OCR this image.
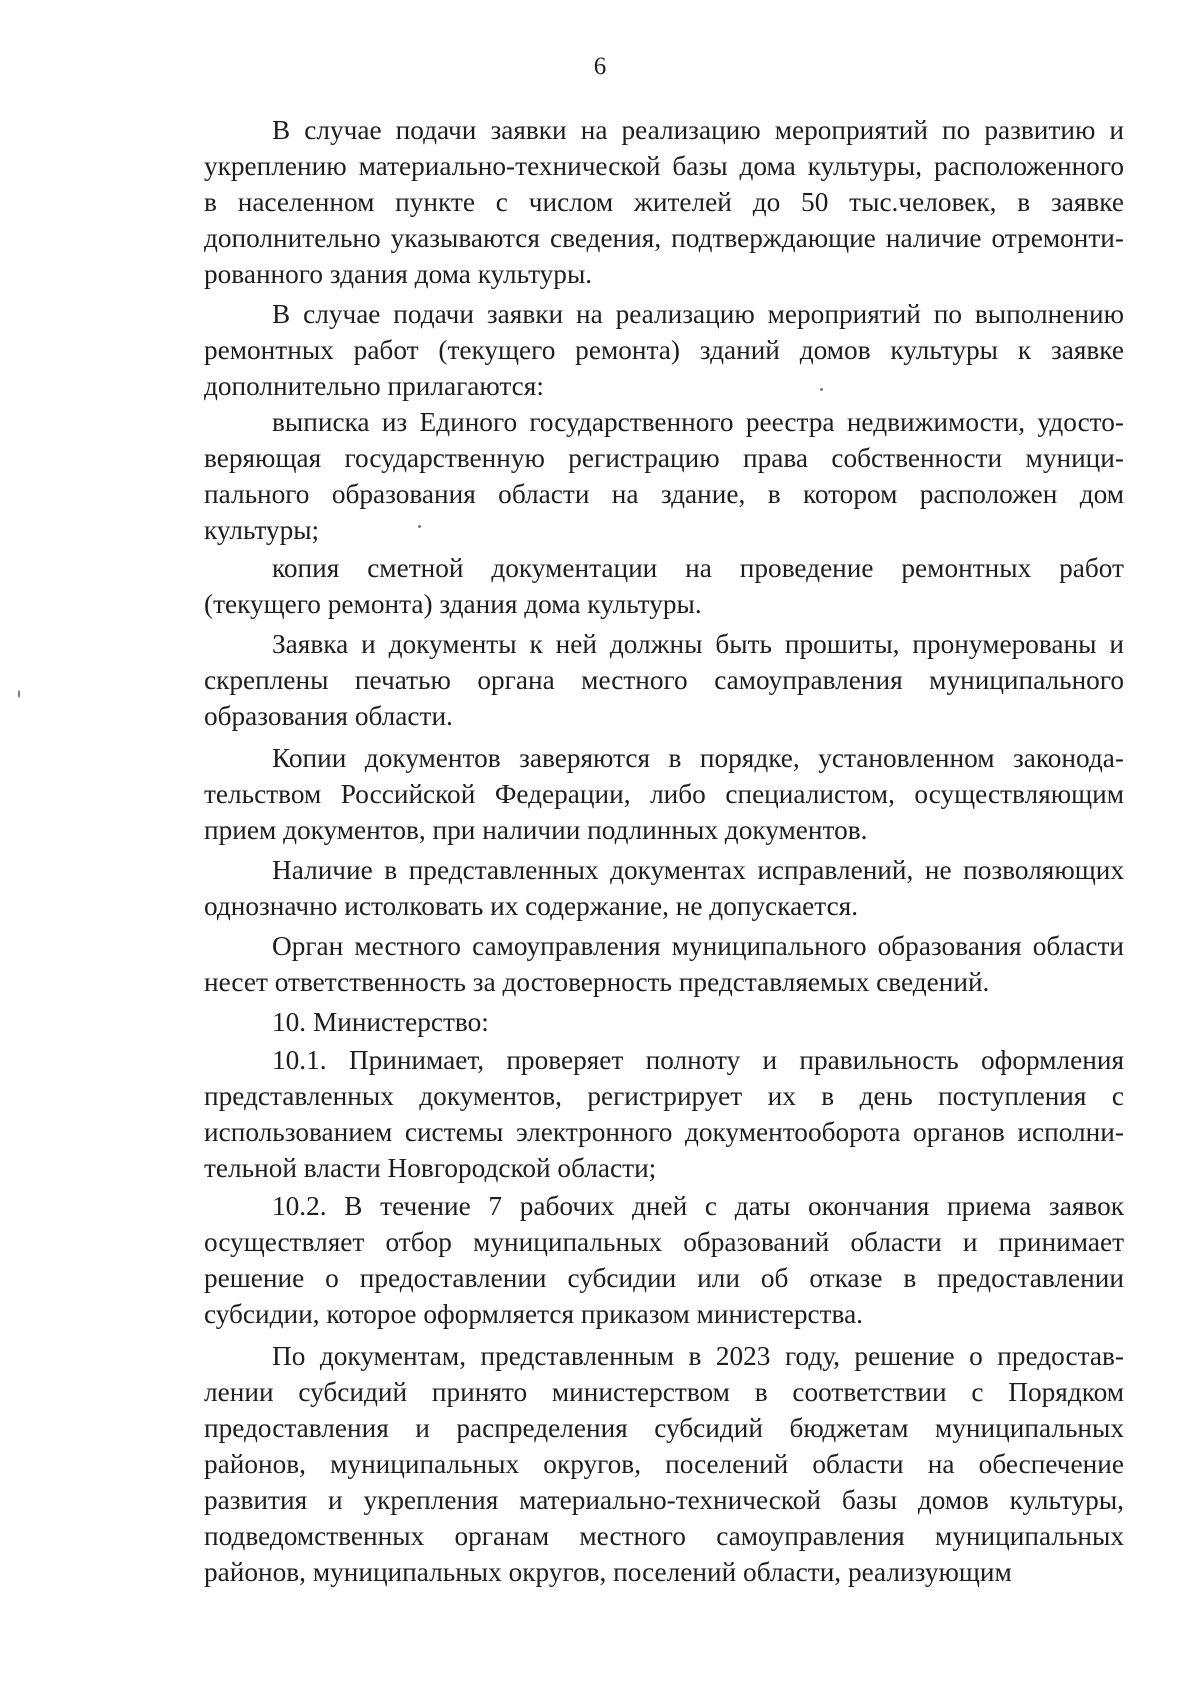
6
В случае подачи заявки на реализацию мероприятий по развитию и
укреплению материально-технической базы дома культуры, расположенного
в населенном пункте с числом жителей до 50 тыс.человек, в заявке
дополнительно указываются сведения, подтверждающие наличие отремонти-
рованного здания дома культуры.
В случае подачи заявки на реализацию мероприятий по выполнению
ремонтных работ (текущего ремонта) зданий домов культуры к заявке
дополнительно прилагаются:
выписка из Единого государственного реестра недвижимости, удосто-
веряющая государственную регистрацию права собственности муници-
пального образования области на здание, в котором расположен дом
культуры;
копия сметной документации на проведение ремонтных работ
(текущего ремонта) здания дома культуры.
Заявка и документы к ней должны быть прошиты, пронумерованы и
скреплены печатью органа местного самоуправления муниципального
образования области.
Копии документов заверяются в порядке, установленном законода-
тельством Российской Федерации, либо специалистом, осуществляющим
прием документов, при наличии подлинных документов.
Наличие в представленных документах исправлений, не позволяющих
однозначно истолковать их содержание, не допускается.
Орган местного самоуправления муниципального образования области
несет ответственность за достоверность представляемых сведений.
10. Министерство:
10.1. Принимает, проверяет полноту и правильность оформления
представленных документов, регистрирует их в день поступления с
использованием системы электронного документооборота органов исполни-
тельной власти Новгородской области;
10.2. В течение 7 рабочих дней с даты окончания приема заявок
осуществляет отбор муниципальных образований области и принимает
решение о предоставлении субсидии или об отказе в предоставлении
субсидии, которое оформляется приказом министерства.
По документам, представленным в 2023 году, решение о предостав-
лении субсидий принято министерством в соответствии с Порядком
предоставления и распределения субсидий бюджетам муниципальных
районов, муниципальных округов, поселений области на обеспечение
развития и укрепления материально-технической базы домов культуры,
подведомственных органам местного самоуправления муниципальных
районов, муниципальных округов, поселений области, реализующим
